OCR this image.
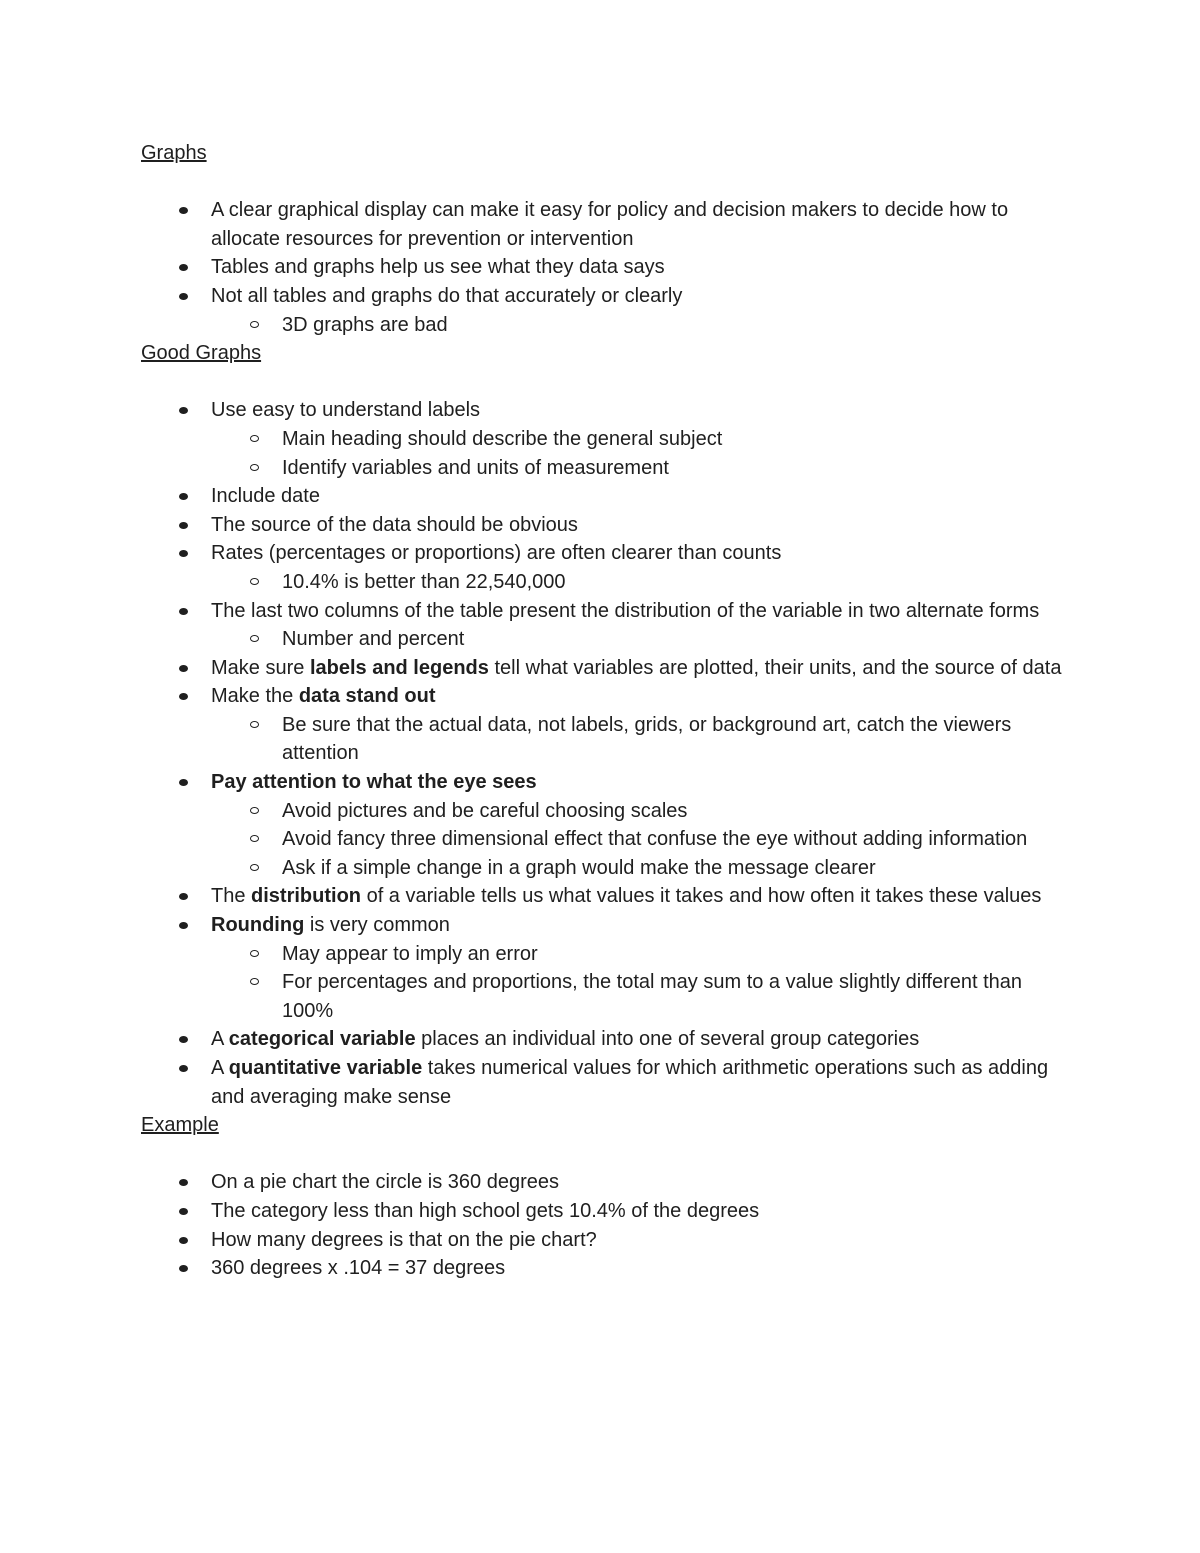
Graphs
A clear graphical display can make it easy for policy and decision makers to decide how to allocate resources for prevention or intervention
Tables and graphs help us see what they data says
Not all tables and graphs do that accurately or clearly
3D graphs are bad
Good Graphs
Use easy to understand labels
Main heading should describe the general subject
Identify variables and units of measurement
Include date
The source of the data should be obvious
Rates (percentages or proportions) are often clearer than counts
10.4% is better than 22,540,000
The last two columns of the table present the distribution of the variable in two alternate forms
Number and percent
Make sure labels and legends tell what variables are plotted, their units, and the source of data
Make the data stand out
Be sure that the actual data, not labels, grids, or background art, catch the viewers attention
Pay attention to what the eye sees
Avoid pictures and be careful choosing scales
Avoid fancy three dimensional effect that confuse the eye without adding information
Ask if a simple change in a graph would make the message clearer
The distribution of a variable tells us what values it takes and how often it takes these values
Rounding is very common
May appear to imply an error
For percentages and proportions, the total may sum to a value slightly different than 100%
A categorical variable places an individual into one of several group categories
A quantitative variable takes numerical values for which arithmetic operations such as adding and averaging make sense
Example
On a pie chart the circle is 360 degrees
The category less than high school gets 10.4% of the degrees
How many degrees is that on the pie chart?
360 degrees x .104 = 37 degrees
